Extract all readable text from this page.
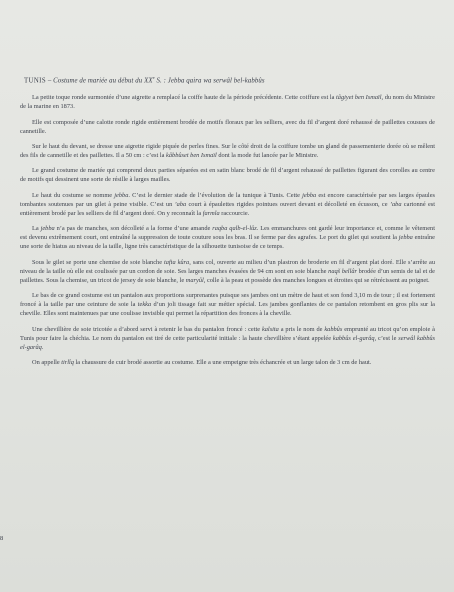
TUNIS – Costume de mariée au début du XXe S. : Jebba qaira wa serwâl bel-kabbûs

La petite toque ronde surmontée d’une aigrette a remplacé la coiffe haute de la période précédente. Cette coiffure est la tâgiyet ben Ismaïl, du nom du Ministre de la marine en 1873.

Elle est composée d’une calotte ronde rigide entièrement brodée de motifs floraux par les selliers, avec du fil d’argent doré rehaussé de paillettes cousues de cannetille.

Sur le haut du devant, se dresse une aigrette rigide piquée de perles fines. Sur le côté droit de la coiffure tombe un gland de passementerie dorée où se mêlent des fils de cannetille et des paillettes. Il a 50 cm : c’est la kâbbûset ben Ismaïl dont la mode fut lancée par le Ministre.

Le grand costume de mariée qui comprend deux parties séparées est en satin blanc brodé de fil d’argent rehaussé de paillettes figurant des corolles au centre de motifs qui dessinent une sorte de résille à larges mailles.

Le haut du costume se nomme jebba. C’est le dernier stade de l’évolution de la tunique à Tunis. Cette jebba est encore caractérisée par ses larges épaules tombantes soutenues par un gilet à peine visible. C’est un ’aba court à épaulettes rigides pointues ouvert devant et décolleté en écusson, ce ’aba cartonné est entièrement brodé par les selliers de fil d’argent doré. On y reconnaît la farmla raccourcie.

La jebba n’a pas de manches, son décolleté a la forme d’une amande raqba qalb-el-lûz. Les emmanchures ont gardé leur importance et, comme le vêtement est devenu extrêmement court, ont entraîné la suppression de toute couture sous les bras. Il se ferme par des agrafes. Le port du gilet qui soutient la jebba entraîne une sorte de hiatus au niveau de la taille, ligne très caractéristique de la silhouette tunisoise de ce temps.

Sous le gilet se porte une chemise de soie blanche tafta kûra, sans col, ouverte au milieu d’un plastron de broderie en fil d’argent plat doré. Elle s’arrête au niveau de la taille où elle est coulissée par un cordon de soie. Ses larges manches évasées de 94 cm sont en soie blanche naqš bellâr brodée d’un semis de tal et de paillettes. Sous la chemise, un tricot de jersey de soie blanche, le maryûl, colle à la peau et possède des manches longues et étroites qui se rétrécissent au poignet.

Le bas de ce grand costume est un pantalon aux proportions surprenantes puisque ses jambes ont un mètre de haut et son fond 3,10 m de tour ; il est fortement froncé à la taille par une ceinture de soie la tekka d’un joli tissage fait sur métier spécial. Les jambes gonflantes de ce pantalon retombent en gros plis sur la cheville. Elles sont maintenues par une coulisse invisible qui permet la répartition des fronces à la cheville.

Une chevillière de soie tricotée a d’abord servi à retenir le bas du pantalon froncé : cette kalsita a pris le nom de kabbûs emprunté au tricot qu’on emploie à Tunis pour faire la chéchia. Le nom du pantalon est tiré de cette particularité initiale : la haute chevillière s’étant appelée kabbûs el-garâq, c’est le serwâl kabbûs el-garâq.

On appelle tirlîq la chaussure de cuir brodé assortie au costume. Elle a une empeigne très échancrée et un large talon de 3 cm de haut.

8
